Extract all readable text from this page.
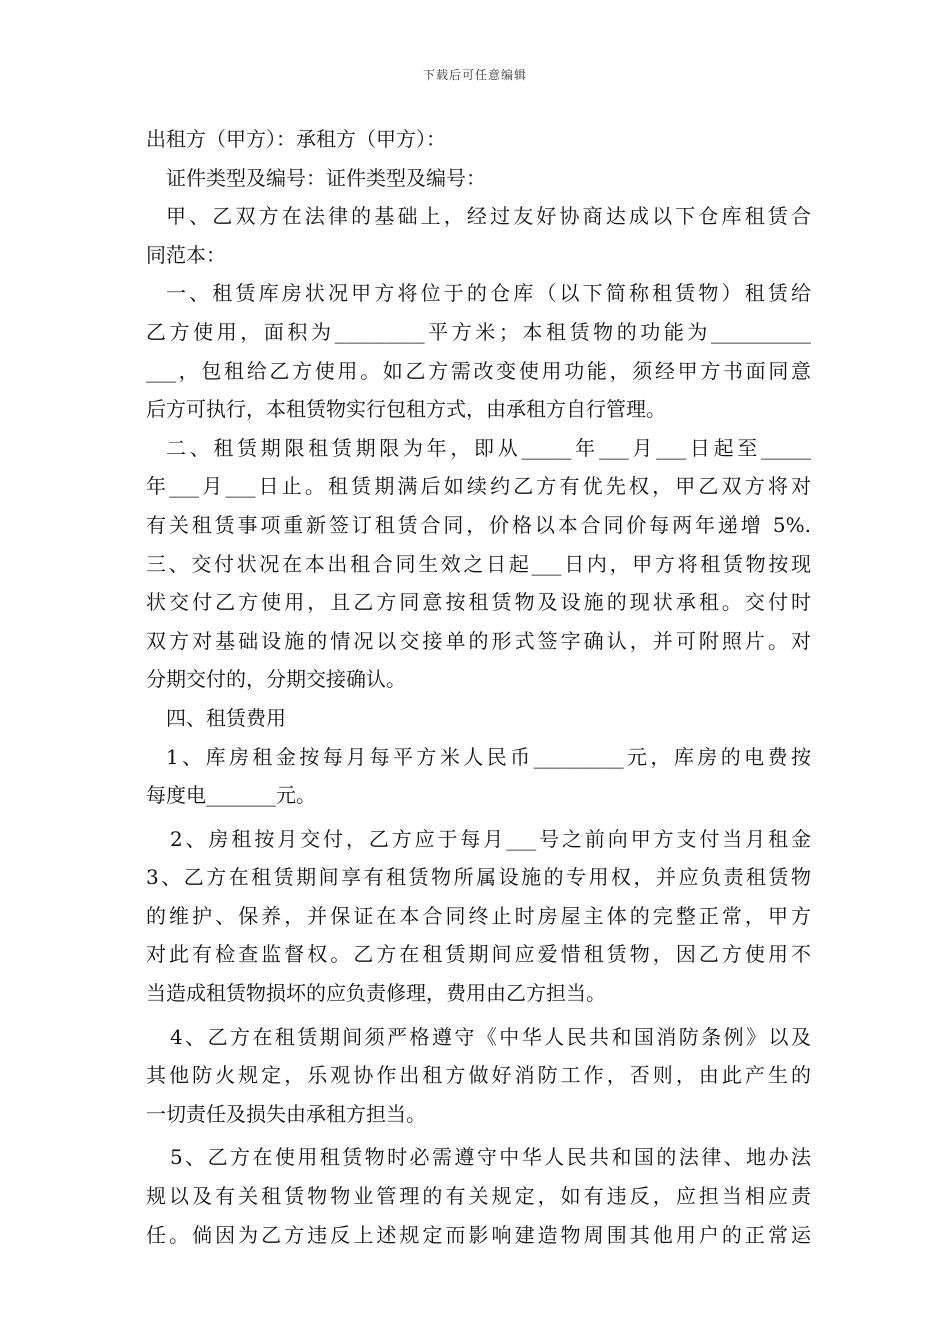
下载后可任意编辑
出租方（甲方）：承租方（甲方）：
证件类型及编号：证件类型及编号：
甲、乙双方在法律的基础上，经过友好协商达成以下仓库租赁合
同范本：
一、租赁库房状况甲方将位于的仓库（以下简称租赁物）租赁给
乙方使用，面积为_________平方米；本租赁物的功能为__________
___，包租给乙方使用。如乙方需改变使用功能，须经甲方书面同意
后方可执行，本租赁物实行包租方式，由承租方自行管理。
二、租赁期限租赁期限为年，即从_____年___月___日起至_____
年___月___日止。租赁期满后如续约乙方有优先权，甲乙双方将对
有关租赁事项重新签订租赁合同，价格以本合同价每两年递增 5%.
三、交付状况在本出租合同生效之日起___日内，甲方将租赁物按现
状交付乙方使用，且乙方同意按租赁物及设施的现状承租。交付时
双方对基础设施的情况以交接单的形式签字确认，并可附照片。对
分期交付的，分期交接确认。
四、租赁费用
1、库房租金按每月每平方米人民币_________元，库房的电费按
每度电_______元。
2、房租按月交付，乙方应于每月___号之前向甲方支付当月租金
3、乙方在租赁期间享有租赁物所属设施的专用权，并应负责租赁物
的维护、保养，并保证在本合同终止时房屋主体的完整正常，甲方
对此有检查监督权。乙方在租赁期间应爱惜租赁物，因乙方使用不
当造成租赁物损坏的应负责修理，费用由乙方担当。
4、乙方在租赁期间须严格遵守《中华人民共和国消防条例》以及
其他防火规定，乐观协作出租方做好消防工作，否则，由此产生的
一切责任及损失由承租方担当。
5、乙方在使用租赁物时必需遵守中华人民共和国的法律、地办法
规以及有关租赁物物业管理的有关规定，如有违反，应担当相应责
任。倘因为乙方违反上述规定而影响建造物周围其他用户的正常运
